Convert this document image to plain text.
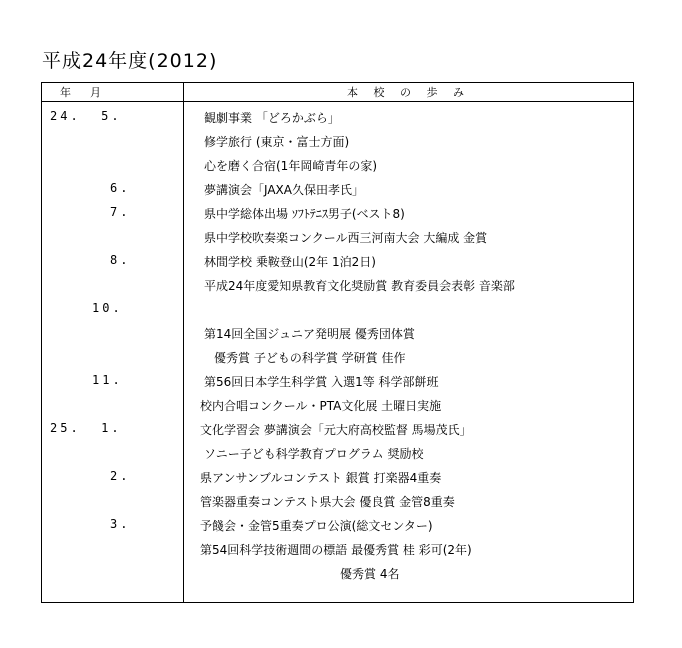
平成24年度(2012)

年

月

	本 校 の 歩 み
24.  5.
6.
7.
8.
10.
11.
25.  1.
2.
3.
観劇事業 「どろかぶら」
修学旅行 (東京・富士方面)
心を磨く合宿(1年岡崎青年の家)
夢講演会「JAXA久保田孝氏」
県中学総体出場 ｿﾌﾄﾃﾆｽ男子(ベスト8)
県中学校吹奏楽コンクール西三河南大会 大編成 金賞
林間学校 乗鞍登山(2年 1泊2日)
平成24年度愛知県教育文化奨励賞 教育委員会表彰 音楽部
第14回全国ジュニア発明展 優秀団体賞
優秀賞 子どもの科学賞 学研賞 佳作
第56回日本学生科学賞 入選1等 科学部餅班
校内合唱コンクール・PTA文化展 土曜日実施
文化学習会 夢講演会「元大府高校監督 馬場茂氏」
ソニー子ども科学教育プログラム 奨励校
県アンサンブルコンテスト 銀賞 打楽器4重奏
管楽器重奏コンテスト県大会 優良賞 金管8重奏
予餞会・金管5重奏プロ公演(総文センター)
第54回科学技術週間の標語 最優秀賞 桂 彩可(2年)
優秀賞 4名
